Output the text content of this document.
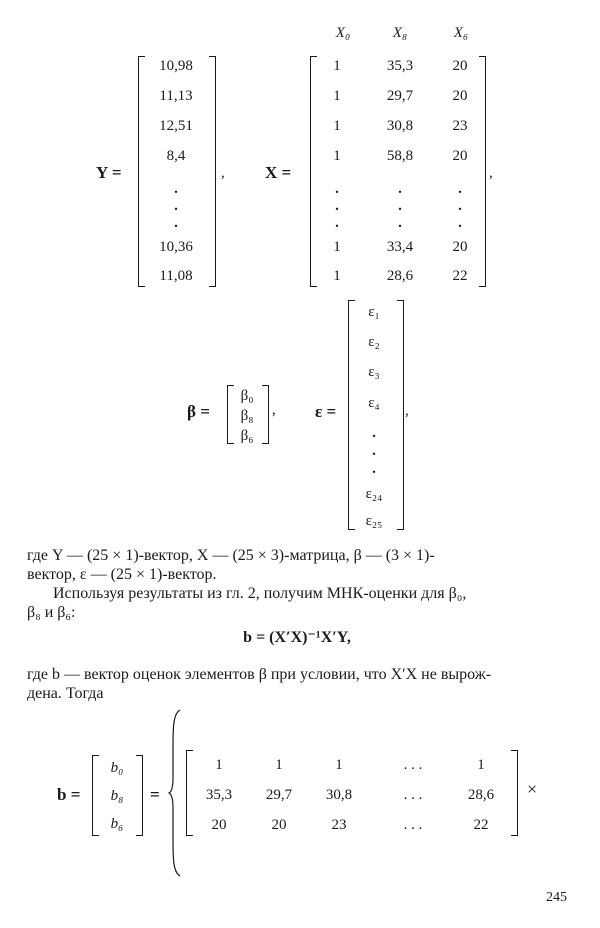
Y =	,
10,98
11,13
12,51
8,4
.
.
.
10,36
11,08
X =
X₀	X₈	X₆
,
1	35,3	20
1	29,7	20
1	30,8	23
1	58,8	20
.	.	.
.	.	.
.	.	.
1	33,4	20
1	28,6	22
β =	,
β₀
β₈
β₆
ε =	,
ε₁
ε₂
ε₃
ε₄
.
.
.
ε₂₄
ε₂₅
где Y — (25 × 1)-вектор, X — (25 × 3)-матрица, β — (3 × 1)-
вектор, ε — (25 × 1)-вектор.
Используя результаты из гл. 2, получим МНК-оценки для β₀,
β₈ и β₆:
b = (X′X)⁻¹X′Y,
где b — вектор оценок элементов β при условии, что X′X не вырож-
дена. Тогда
b =
b₀
b₈
b₆
=
1	1	1	. . .	1
35,3 29,7 30,8	. . .	28,6
20	20	23	. . .	22
×
245
